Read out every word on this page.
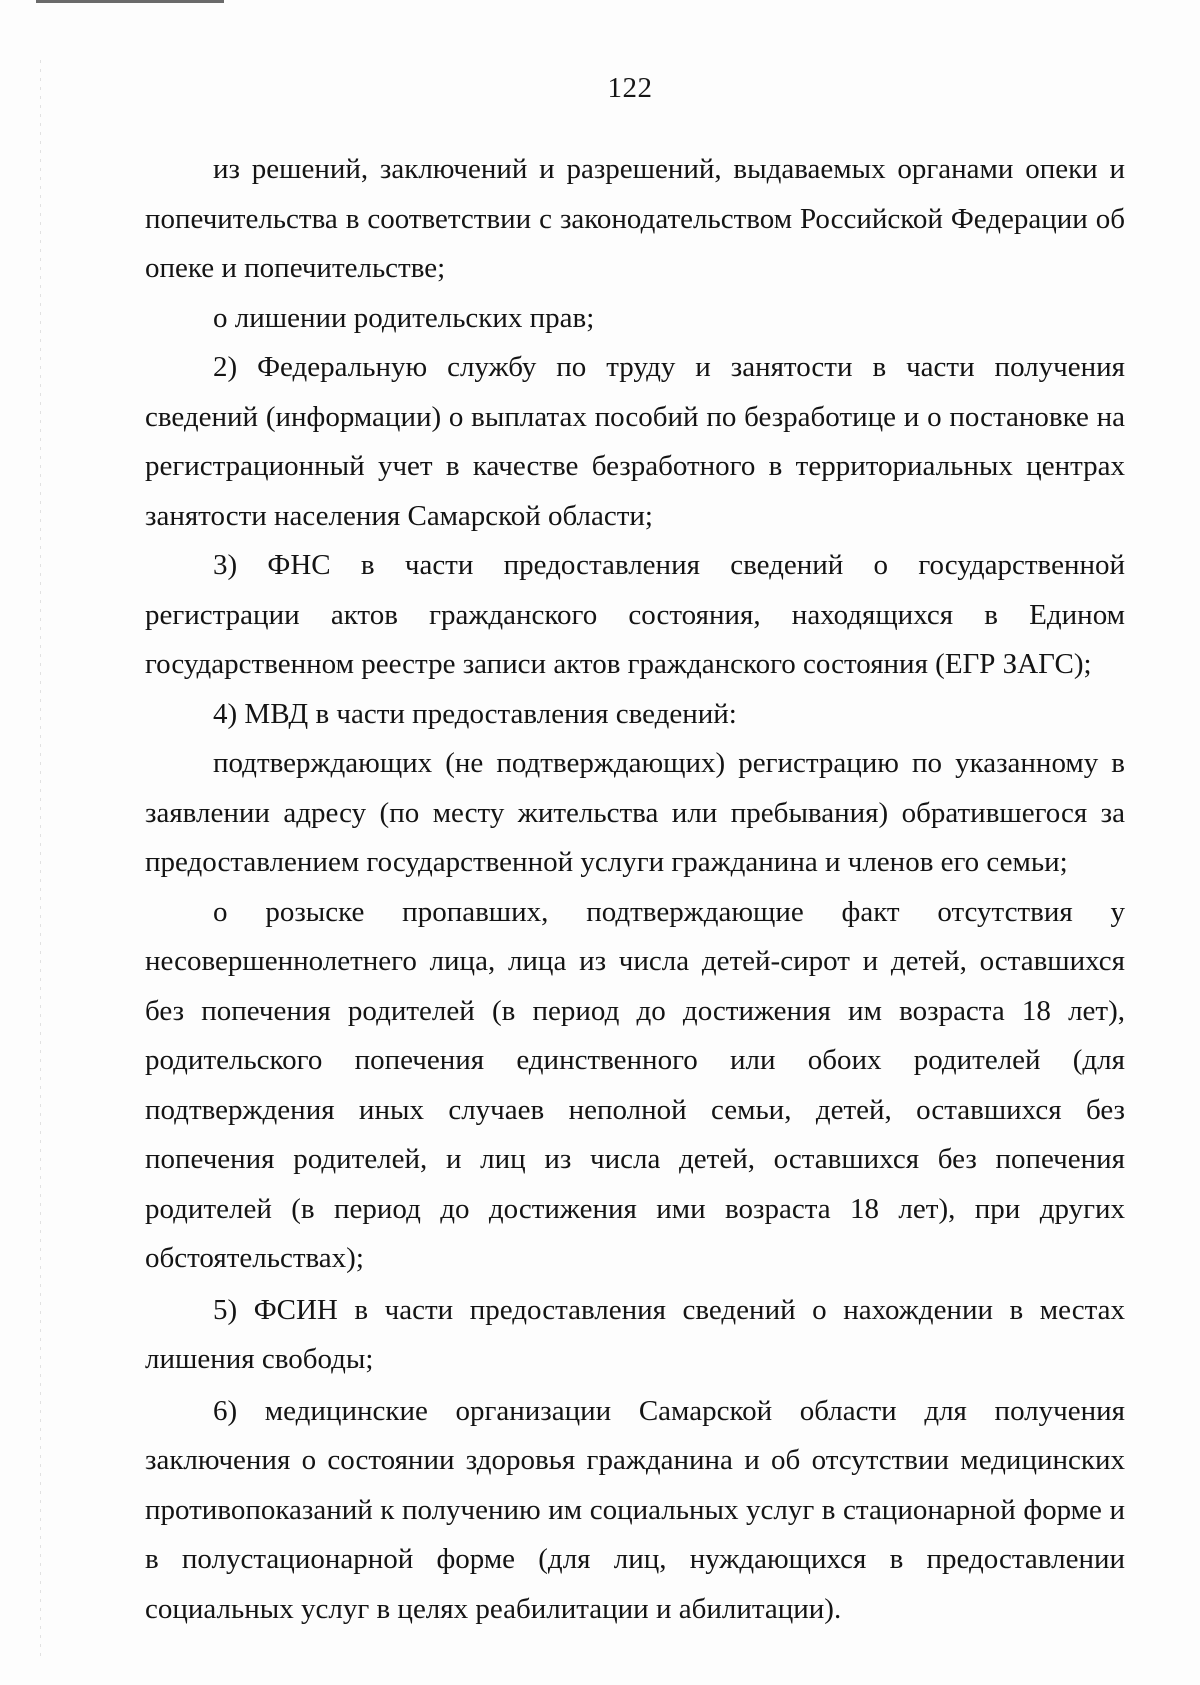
122

из решений, заключений и разрешений, выдаваемых органами опеки и попечительства в соответствии с законодательством Российской Федерации об опеке и попечительстве;

о лишении родительских прав;

2) Федеральную службу по труду и занятости в части получения сведений (информации) о выплатах пособий по безработице и о постановке на регистрационный учет в качестве безработного в территориальных центрах занятости населения Самарской области;

3) ФНС в части предоставления сведений о государственной регистрации актов гражданского состояния, находящихся в Едином государственном реестре записи актов гражданского состояния (ЕГР ЗАГС);

4) МВД в части предоставления сведений:

подтверждающих (не подтверждающих) регистрацию по указанному в заявлении адресу (по месту жительства или пребывания) обратившегося за предоставлением государственной услуги гражданина и членов его семьи;

о розыске пропавших, подтверждающие факт отсутствия у несовершеннолетнего лица, лица из числа детей-сирот и детей, оставшихся без попечения родителей (в период до достижения им возраста 18 лет), родительского попечения единственного или обоих родителей (для подтверждения иных случаев неполной семьи, детей, оставшихся без попечения родителей, и лиц из числа детей, оставшихся без попечения родителей (в период до достижения ими возраста 18 лет), при других обстоятельствах);

5) ФСИН в части предоставления сведений о нахождении в местах лишения свободы;

6) медицинские организации Самарской области для получения заключения о состоянии здоровья гражданина и об отсутствии медицинских противопоказаний к получению им социальных услуг в стационарной форме и в полустационарной форме (для лиц, нуждающихся в предоставлении социальных услуг в целях реабилитации и абилитации).
